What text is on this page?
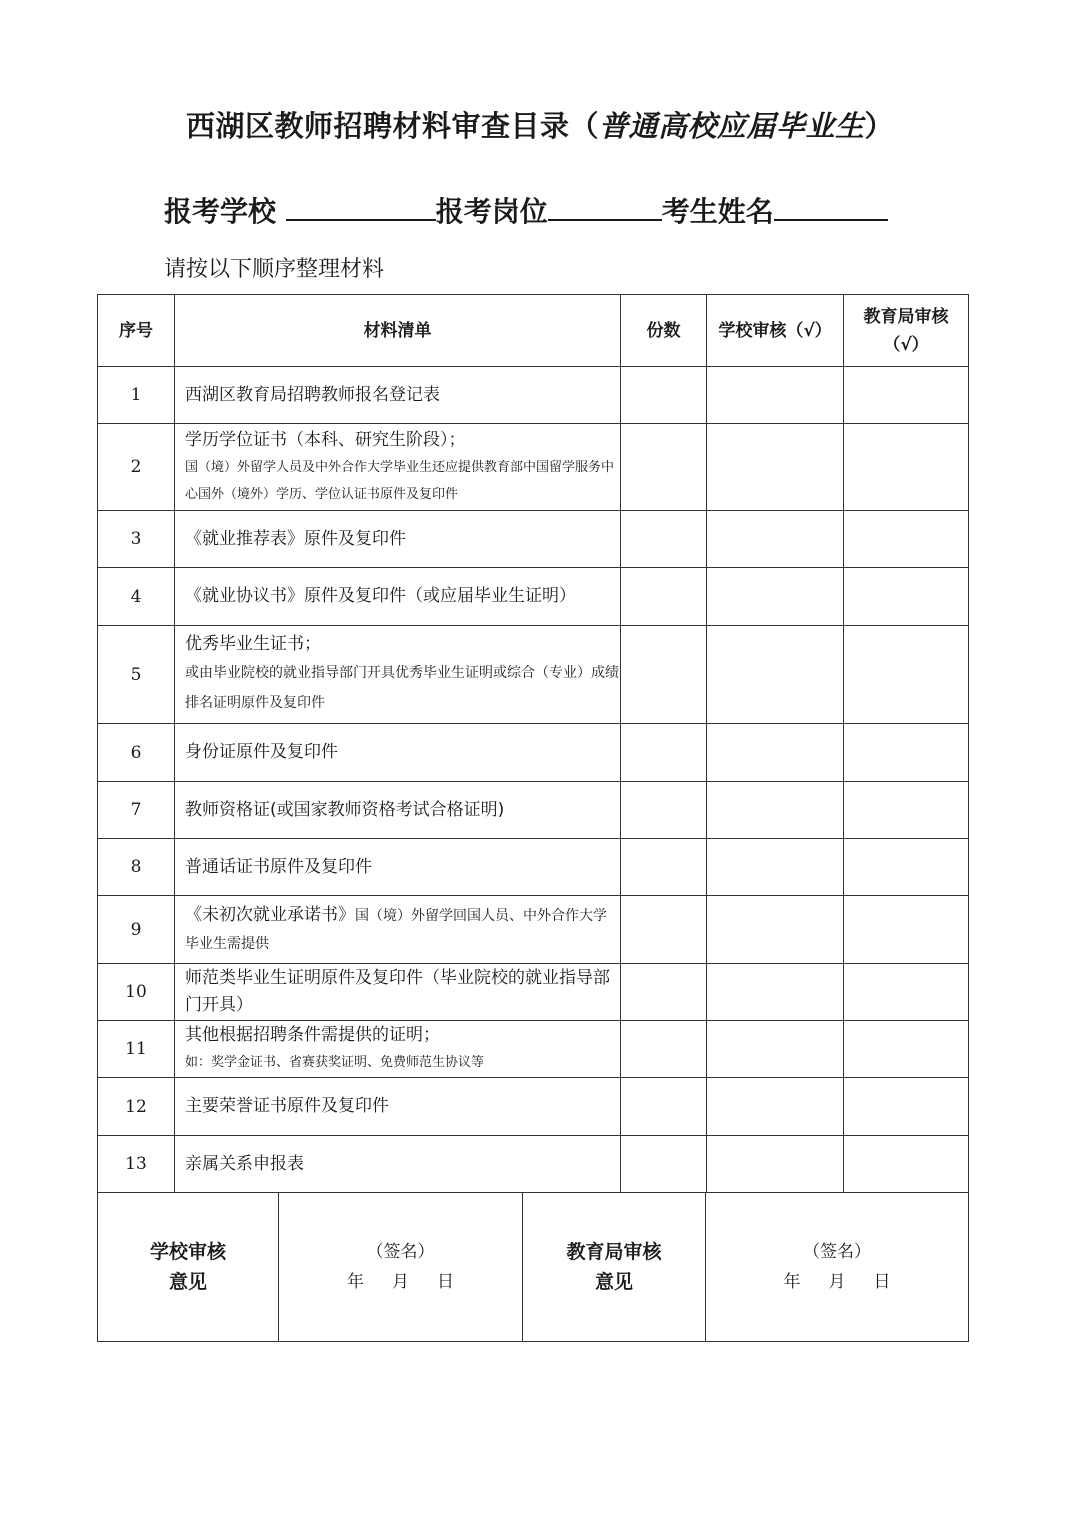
西湖区教师招聘材料审查目录（普通高校应届毕业生）
报考学校	报考岗位	考生姓名
请按以下顺序整理材料
序号	材料清单	份数	学校审核（√）	教育局审核
（√）

1	西湖区教育局招聘教师报名登记表			

2	学历学位证书（本科、研究生阶段）；
国（境）外留学人员及中外合作大学毕业生还应提供教育部中国留学服务中心国外（境外）学历、学位认证书原件及复印件			

3	《就业推荐表》原件及复印件			

4	《就业协议书》原件及复印件（或应届毕业生证明）			

5	优秀毕业生证书；
或由毕业院校的就业指导部门开具优秀毕业生证明或综合（专业）成绩排名证明原件及复印件			

6	身份证原件及复印件			

7	教师资格证(或国家教师资格考试合格证明)			

8	普通话证书原件及复印件			

9	《未初次就业承诺书》国（境）外留学回国人员、中外合作大学毕业生需提供			
10	师范类毕业生证明原件及复印件（毕业院校的就业指导部门开具）			

11	其他根据招聘条件需提供的证明；
如：奖学金证书、省赛获奖证明、免费师范生协议等			

12	主要荣誉证书原件及复印件			

13	亲属关系申报表			

学校审核
意见

（签名）
年 月 日

教育局审核
意见

（签名）
年 月 日
